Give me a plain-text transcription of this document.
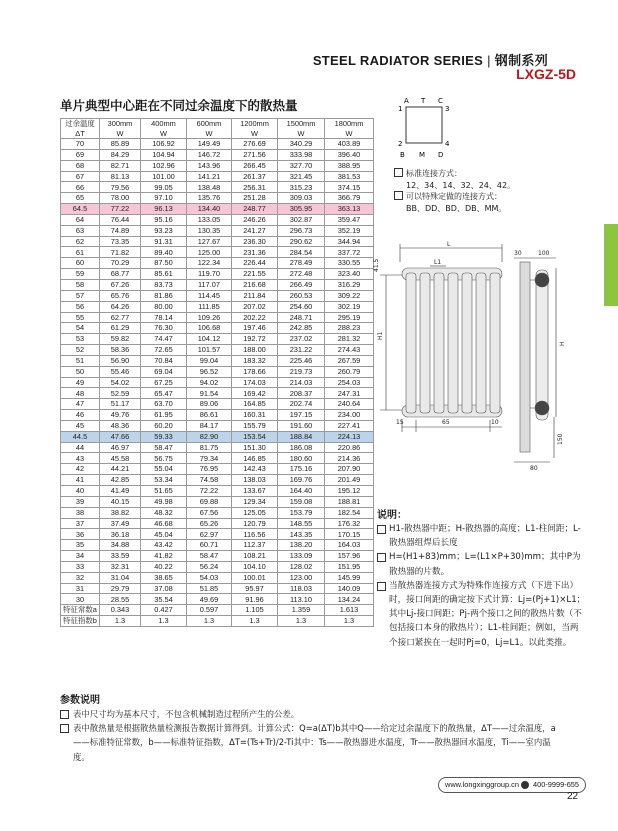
STEEL RADIATOR SERIES | 钢制系列
LXGZ-5D
单片典型中心距在不同过余温度下的散热量
过余温度	300mm	400mm	600mm	1200mm	1500mm	1800mm
ΔT	W	W	W	W	W	W
70	85.89	106.92	149.49	276.69	340.29	403.89
69	84.29	104.94	146.72	271.56	333.98	396.40
68	82.71	102.96	143.96	266.45	327.70	388.95
67	81.13	101.00	141.21	261.37	321.45	381.53
66	79.56	99.05	138.48	256.31	315.23	374.15
65	78.00	97.10	135.76	251.28	309.03	366.79
64.5	77.22	96.13	134.40	248.77	305.95	363.13
64	76.44	95.16	133.05	246.26	302.87	359.47
63	74.89	93.23	130.35	241.27	296.73	352.19
62	73.35	91.31	127.67	236.30	290.62	344.94
61	71.82	89.40	125.00	231.36	284.54	337.72
60	70.29	87.50	122.34	226.44	278.49	330.55
59	68.77	85.61	119.70	221.55	272.48	323.40
58	67.26	83.73	117.07	216.68	266.49	316.29
57	65.76	81.86	114.45	211.84	260.53	309.22
56	64.26	80.00	111.85	207.02	254.60	302.19
55	62.77	78.14	109.26	202.22	248.71	295.19
54	61.29	76.30	106.68	197.46	242.85	288.23
53	59.82	74.47	104.12	192.72	237.02	281.32
52	58.36	72.65	101.57	188.00	231.22	274.43
51	56.90	70.84	99.04	183.32	225.46	267.59
50	55.46	69.04	96.52	178.66	219.73	260.79
49	54.02	67.25	94.02	174.03	214.03	254.03
48	52.59	65.47	91.54	169.42	208.37	247.31
47	51.17	63.70	89.06	164.85	202.74	240.64
46	49.76	61.95	86.61	160.31	197.15	234.00
45	48.36	60.20	84.17	155.79	191.60	227.41
44.5	47.66	59.33	82.90	153.54	188.84	224.13
44	46.97	58.47	81.75	151.30	186.08	220.86
43	45.58	56.75	79.34	146.85	180.60	214.36
42	44.21	55.04	76.95	142.43	175.16	207.90
41	42.85	53.34	74.58	138.03	169.76	201.49
40	41.49	51.65	72.22	133.67	164.40	195.12
39	40.15	49.98	69.88	129.34	159.08	188.81
38	38.82	48.32	67.56	125.05	153.79	182.54
37	37.49	46.68	65.26	120.79	148.55	176.32
36	36.18	45.04	62.97	116.56	143.35	170.15
35	34.88	43.42	60.71	112.37	138.20	164.03
34	33.59	41.82	58.47	108.21	133.09	157.96
33	32.31	40.22	56.24	104.10	128.02	151.95
32	31.04	38.65	54.03	100.01	123.00	145.99
31	29.79	37.08	51.85	95.97	118.03	140.09
30	28.55	35.54	49.69	91.96	113.10	134.24
特征常数a	0.343	0.427	0.597	1.105	1.359	1.613
特征指数b	1.3	1.3	1.3	1.3	1.3	1.3
A T C
1	3
2	4
B M D
标准连接方式：
12、34、14、32、24、42。
可以特殊定做的连接方式：
BB、DD、BD、DB、MM。
L
L1
41.5
H1
H
15	65	10
30	100
150
80
说明：
H1-散热器中距；H-散热器的高度；L1-柱间距；L-散热器组焊后长度
H=(H1+83)mm；L=(L1×P+30)mm；其中P为散热器的片数。
当散热器连接方式为特殊作连接方式（下进下出）时，接口间距的确定按下式计算：Lj=(Pj+1)×L1；其中Lj-接口间距；Pj-两个接口之间的散热片数（不包括接口本身的散热片）；L1-柱间距；例如，当两个接口紧挨在一起时Pj=0，Lj=L1。以此类推。
参数说明
表中尺寸均为基本尺寸，不包含机械制造过程所产生的公差。
表中散热量是根据散热量检测报告数据计算得到。计算公式：Q=a(ΔT)b其中Q——给定过余温度下的散热量，ΔT——过余温度，a——标准特征常数，b——标准特征指数，ΔT=(Ts+Tr)/2-Ti其中：Ts——散热器进水温度，Tr——散热器回水温度，Ti——室内温度。
www.longxinggroup.cn 400-9999-655
22
